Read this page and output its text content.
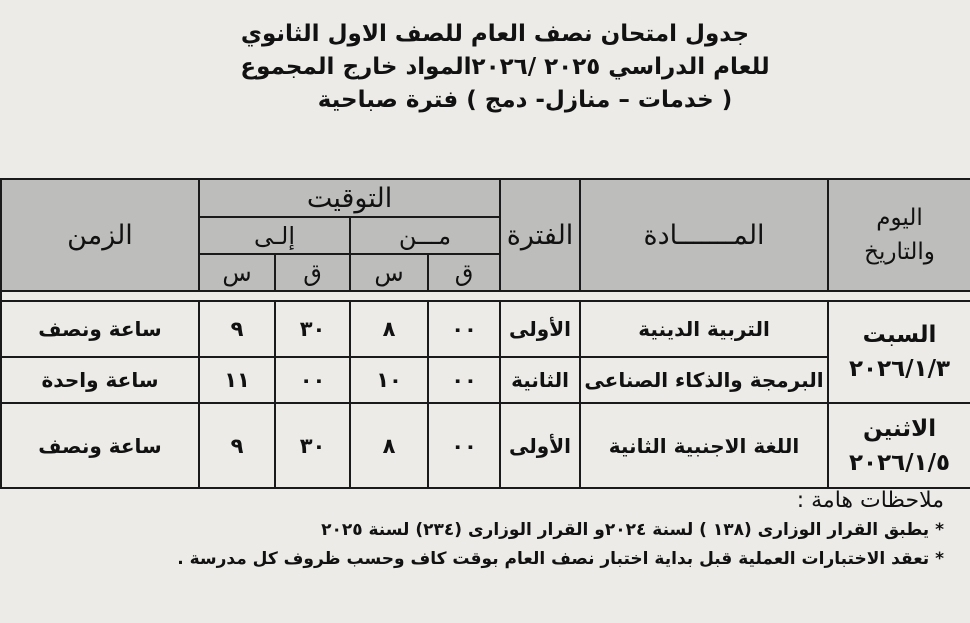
جدول امتحان نصف العام للصف الاول الثانوي
للعام الدراسي ٢٠٢٥ /٢٠٢٦المواد خارج المجموع
( خدمات – منازل- دمج ) فترة صباحية
اليوم
والتاريخ	المـــــــادة	الفترة	التوقيت				الزمن
			مـــن		إلـى		
			ق	س	ق	س	

السبت
٢٠٢٦/١/٣	التربية الدينية	الأولى	٠٠	٨	٣٠	٩	ساعة ونصف
	البرمجة والذكاء الصناعى	الثانية	٠٠	١٠	٠٠	١١	ساعة واحدة

الاثنين
٢٠٢٦/١/٥	اللغة الاجنبية الثانية	الأولى	٠٠	٨	٣٠	٩	ساعة ونصف
ملاحظات هامة :
* يطبق القرار الوزارى (١٣٨ ) لسنة ٢٠٢٤و القرار الوزارى (٢٣٤) لسنة ٢٠٢٥
* تعقد الاختبارات العملية قبل بداية اختبار نصف العام بوقت كاف وحسب ظروف كل مدرسة .
